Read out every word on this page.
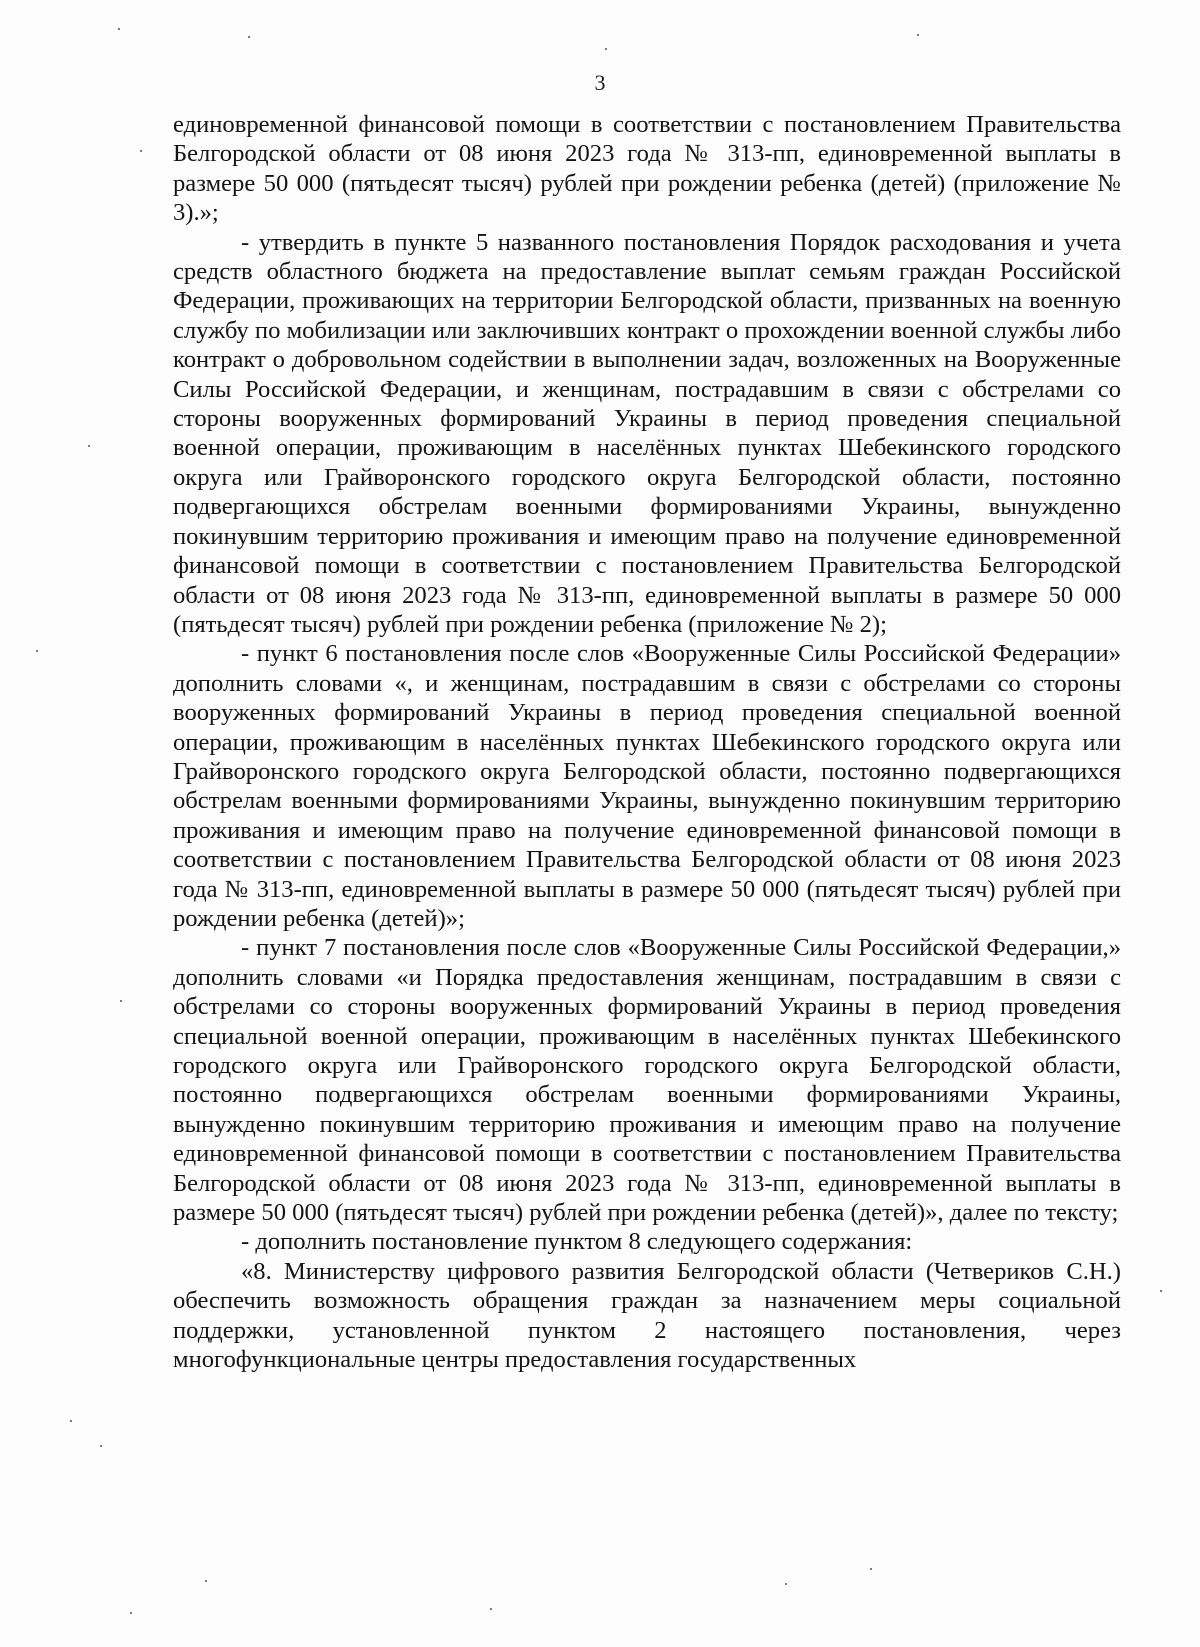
3

единовременной финансовой помощи в соответствии с постановлением Правительства Белгородской области от 08 июня 2023 года № 313-пп, единовременной выплаты в размере 50 000 (пятьдесят тысяч) рублей при рождении ребенка (детей) (приложение № 3).»;

- утвердить в пункте 5 названного постановления Порядок расходования и учета средств областного бюджета на предоставление выплат семьям граждан Российской Федерации, проживающих на территории Белгородской области, призванных на военную службу по мобилизации или заключивших контракт о прохождении военной службы либо контракт о добровольном содействии в выполнении задач, возложенных на Вооруженные Силы Российской Федерации, и женщинам, пострадавшим в связи с обстрелами со стороны вооруженных формирований Украины в период проведения специальной военной операции, проживающим в населённых пунктах Шебекинского городского округа или Грайворонского городского округа Белгородской области, постоянно подвергающихся обстрелам военными формированиями Украины, вынужденно покинувшим территорию проживания и имеющим право на получение единовременной финансовой помощи в соответствии с постановлением Правительства Белгородской области от 08 июня 2023 года № 313-пп, единовременной выплаты в размере 50 000 (пятьдесят тысяч) рублей при рождении ребенка (приложение № 2);

- пункт 6 постановления после слов «Вооруженные Силы Российской Федерации» дополнить словами «, и женщинам, пострадавшим в связи с обстрелами со стороны вооруженных формирований Украины в период проведения специальной военной операции, проживающим в населённых пунктах Шебекинского городского округа или Грайворонского городского округа Белгородской области, постоянно подвергающихся обстрелам военными формированиями Украины, вынужденно покинувшим территорию проживания и имеющим право на получение единовременной финансовой помощи в соответствии с постановлением Правительства Белгородской области от 08 июня 2023 года № 313-пп, единовременной выплаты в размере 50 000 (пятьдесят тысяч) рублей при рождении ребенка (детей)»;

- пункт 7 постановления после слов «Вооруженные Силы Российской Федерации,» дополнить словами «и Порядка предоставления женщинам, пострадавшим в связи с обстрелами со стороны вооруженных формирований Украины в период проведения специальной военной операции, проживающим в населённых пунктах Шебекинского городского округа или Грайворонского городского округа Белгородской области, постоянно подвергающихся обстрелам военными формированиями Украины, вынужденно покинувшим территорию проживания и имеющим право на получение единовременной финансовой помощи в соответствии с постановлением Правительства Белгородской области от 08 июня 2023 года № 313-пп, единовременной выплаты в размере 50 000 (пятьдесят тысяч) рублей при рождении ребенка (детей)», далее по тексту;

- дополнить постановление пунктом 8 следующего содержания:

«8. Министерству цифрового развития Белгородской области (Четвериков С.Н.) обеспечить возможность обращения граждан за назначением меры социальной поддержки, установленной пунктом 2 настоящего постановления, через многофункциональные центры предоставления государственных
